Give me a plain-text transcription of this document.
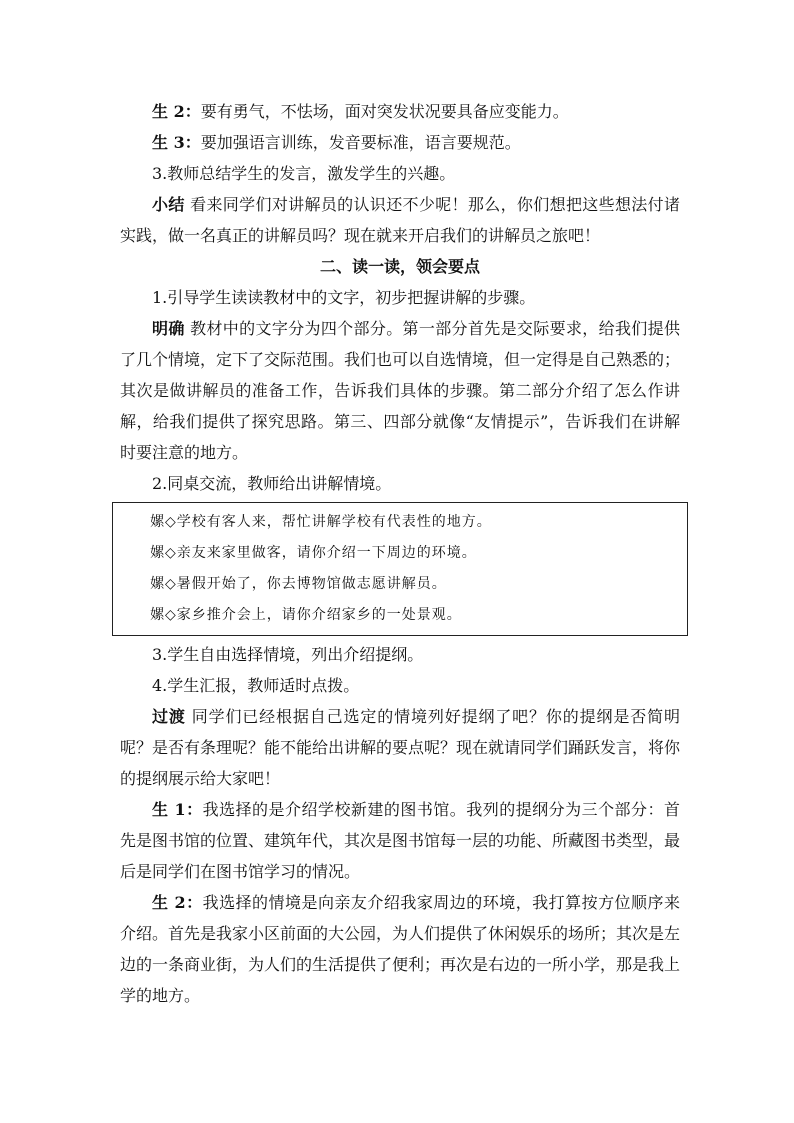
生 2：要有勇气，不怯场，面对突发状况要具备应变能力。

生 3：要加强语言训练，发音要标准，语言要规范。

3.教师总结学生的发言，激发学生的兴趣。

小结 看来同学们对讲解员的认识还不少呢！那么，你们想把这些想法付诸实践，做一名真正的讲解员吗？现在就来开启我们的讲解员之旅吧！

二、读一读，领会要点

1.引导学生读读教材中的文字，初步把握讲解的步骤。

明确 教材中的文字分为四个部分。第一部分首先是交际要求，给我们提供了几个情境，定下了交际范围。我们也可以自选情境，但一定得是自己熟悉的；其次是做讲解员的准备工作，告诉我们具体的步骤。第二部分介绍了怎么作讲解，给我们提供了探究思路。第三、四部分就像“友情提示”，告诉我们在讲解时要注意的地方。

2.同桌交流，教师给出讲解情境。

嫘◇学校有客人来，帮忙讲解学校有代表性的地方。

嫘◇亲友来家里做客，请你介绍一下周边的环境。

嫘◇暑假开始了，你去博物馆做志愿讲解员。

嫘◇家乡推介会上，请你介绍家乡的一处景观。

3.学生自由选择情境，列出介绍提纲。

4.学生汇报，教师适时点拨。

过渡 同学们已经根据自己选定的情境列好提纲了吧？你的提纲是否简明呢？是否有条理呢？能不能给出讲解的要点呢？现在就请同学们踊跃发言，将你的提纲展示给大家吧！

生 1：我选择的是介绍学校新建的图书馆。我列的提纲分为三个部分：首先是图书馆的位置、建筑年代，其次是图书馆每一层的功能、所藏图书类型，最后是同学们在图书馆学习的情况。

生 2：我选择的情境是向亲友介绍我家周边的环境，我打算按方位顺序来介绍。首先是我家小区前面的大公园，为人们提供了休闲娱乐的场所；其次是左边的一条商业街，为人们的生活提供了便利；再次是右边的一所小学，那是我上学的地方。
